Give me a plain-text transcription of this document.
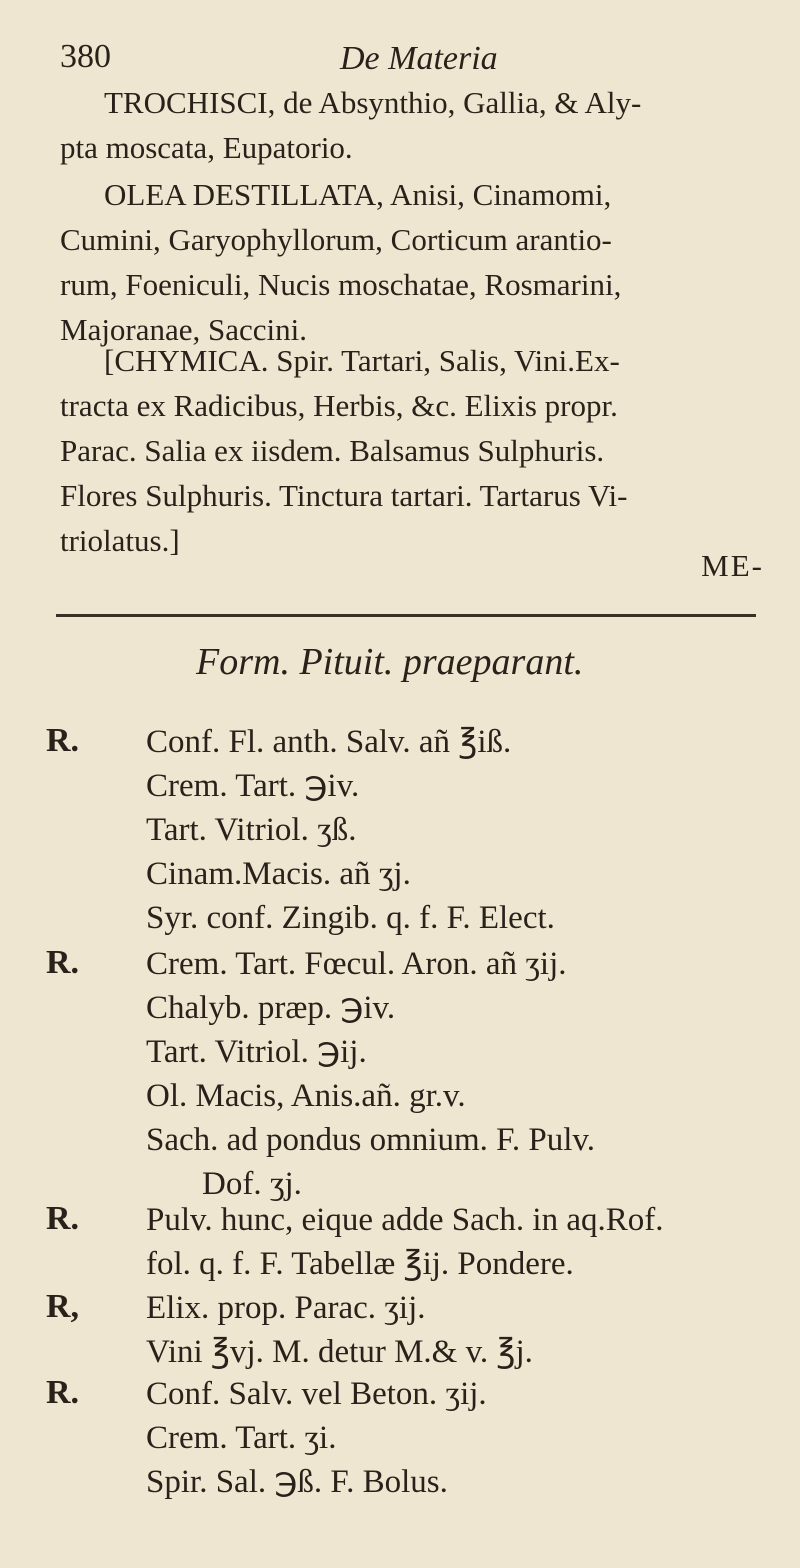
380	De Materia
TROCHISCI, de Absynthio, Gallia, & Aly-
pta moscata, Eupatorio.
OLEA DESTILLATA, Anisi, Cinamomi,
Cumini, Garyophyllorum, Corticum arantio-
rum, Foeniculi, Nucis moschatae, Rosmarini,
Majoranae, Saccini.
[CHYMICA. Spir. Tartari, Salis, Vini.Ex-
tracta ex Radicibus, Herbis, &c. Elixis propr.
Parac. Salia ex iisdem. Balsamus Sulphuris.
Flores Sulphuris. Tinctura tartari. Tartarus Vi-
triolatus.]
ME-
Form. Pituit. praeparant.
R. Conf. Fl. anth. Salv. añ ℥iß.
Crem. Tart. ℈iv.
Tart. Vitriol. ʒß.
Cinam.Macis. añ ʒj.
Syr. conf. Zingib. q. f. F. Elect.
R. Crem. Tart. Fœcul. Aron. añ ʒij.
Chalyb. præp. ℈iv.
Tart. Vitriol. ℈ij.
Ol. Macis, Anis.añ. gr.v.
Sach. ad pondus omnium. F. Pulv.
Dof. ʒj.
R. Pulv. hunc, eique adde Sach. in aq.Rof.
fol. q. f. F. Tabellæ ℥ij. Pondere.
R, Elix. prop. Parac. ʒij.
Vini ℥vj. M. detur M.& v. ℥j.
R. Conf. Salv. vel Beton. ʒij.
Crem. Tart. ʒi.
Spir. Sal. ℈ß. F. Bolus.
